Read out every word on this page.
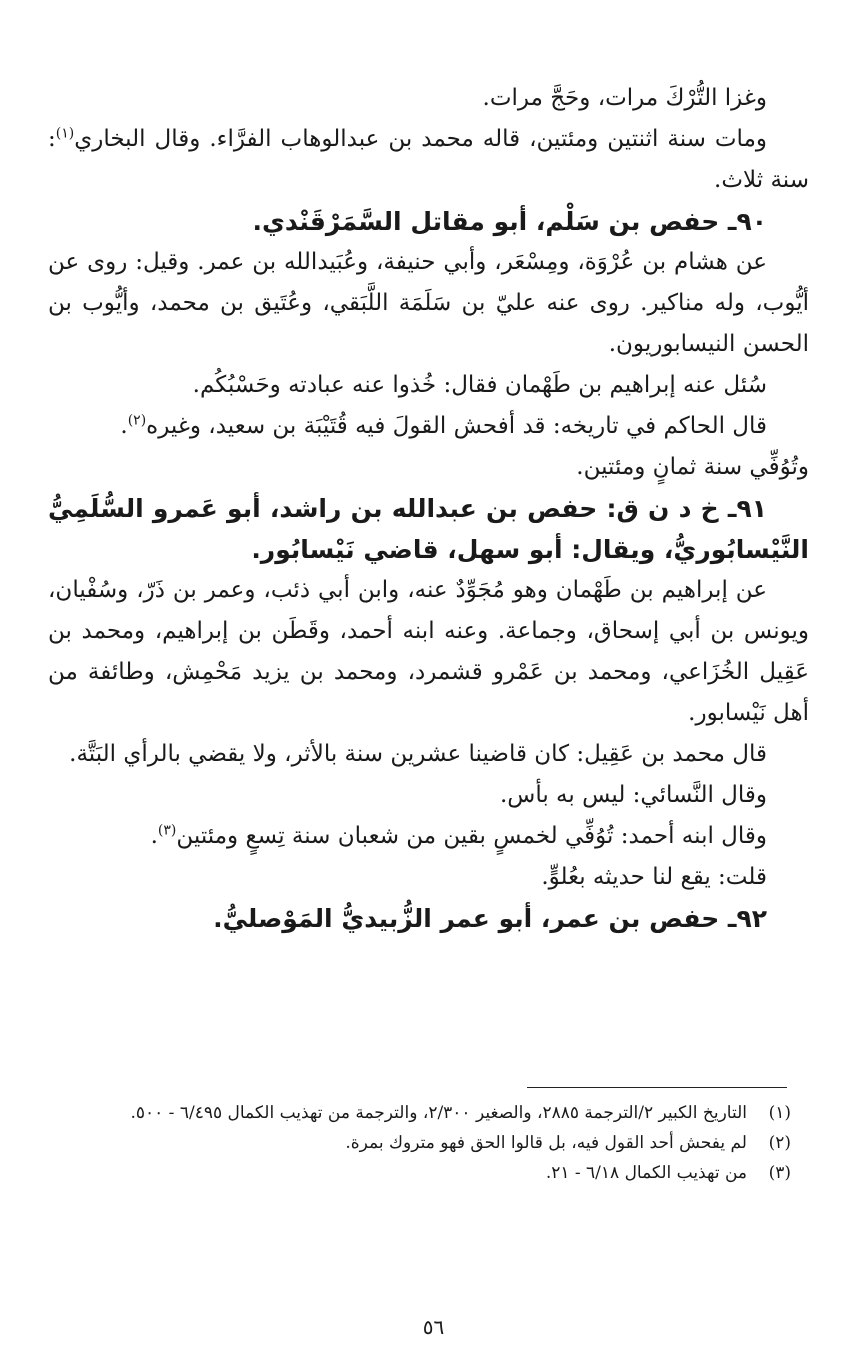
وغزا التُّرْكَ مرات، وحَجَّ مرات.

ومات سنة اثنتين ومئتين، قاله محمد بن عبدالوهاب الفرَّاء. وقال البخاري$^{(١)}$: سنة ثلاث.

٩٠ـ حفص بن سَلْم، أبو مقاتل السَّمَرْقَنْدي.

عن هشام بن عُرْوَة، ومِسْعَر، وأبي حنيفة، وعُبَيدالله بن عمر. وقيل: روى عن أيُّوب، وله مناكير. روى عنه عليّ بن سَلَمَة اللَّبَقي، وعُتَيق بن محمد، وأيُّوب بن الحسن النيسابوريون.

سُئل عنه إبراهيم بن طَهْمان فقال: خُذوا عنه عبادته وحَسْبُكُم.

قال الحاكم في تاريخه: قد أفحش القولَ فيه قُتَيْبَة بن سعيد، وغيره$^{(٢)}$.

وتُوُفِّي سنة ثمانٍ ومئتين.

٩١ـ خ د ن ق: حفص بن عبدالله بن راشد، أبو عَمرو السُّلَمِيُّ النَّيْسابُوريُّ، ويقال: أبو سهل، قاضي نَيْسابُور.

عن إبراهيم بن طَهْمان وهو مُجَوِّدٌ عنه، وابن أبي ذئب، وعمر بن ذَرّ، وسُفْيان، ويونس بن أبي إسحاق، وجماعة. وعنه ابنه أحمد، وقَطَن بن إبراهيم، ومحمد بن عَقِيل الخُزَاعي، ومحمد بن عَمْرو قشمرد، ومحمد بن يزيد مَحْمِش، وطائفة من أهل نَيْسابور.

قال محمد بن عَقِيل: كان قاضينا عشرين سنة بالأثر، ولا يقضي بالرأي البَتَّة.

وقال النَّسائي: ليس به بأس.

وقال ابنه أحمد: تُوُفِّي لخمسٍ بقين من شعبان سنة تِسعٍ ومئتين$^{(٣)}$.

قلت: يقع لنا حديثه بعُلوٍّ.

٩٢ـ حفص بن عمر، أبو عمر الزُّبيديُّ المَوْصليُّ.

(١)
التاريخ الكبير ٢/الترجمة ٢٨٨٥، والصغير ٢/٣٠٠، والترجمة من تهذيب الكمال ٦/٤٩٥ - ٥٠٠.
(٢)
لم يفحش أحد القول فيه، بل قالوا الحق فهو متروك بمرة.
(٣)
من تهذيب الكمال ٦/١٨ - ٢١.
٥٦
